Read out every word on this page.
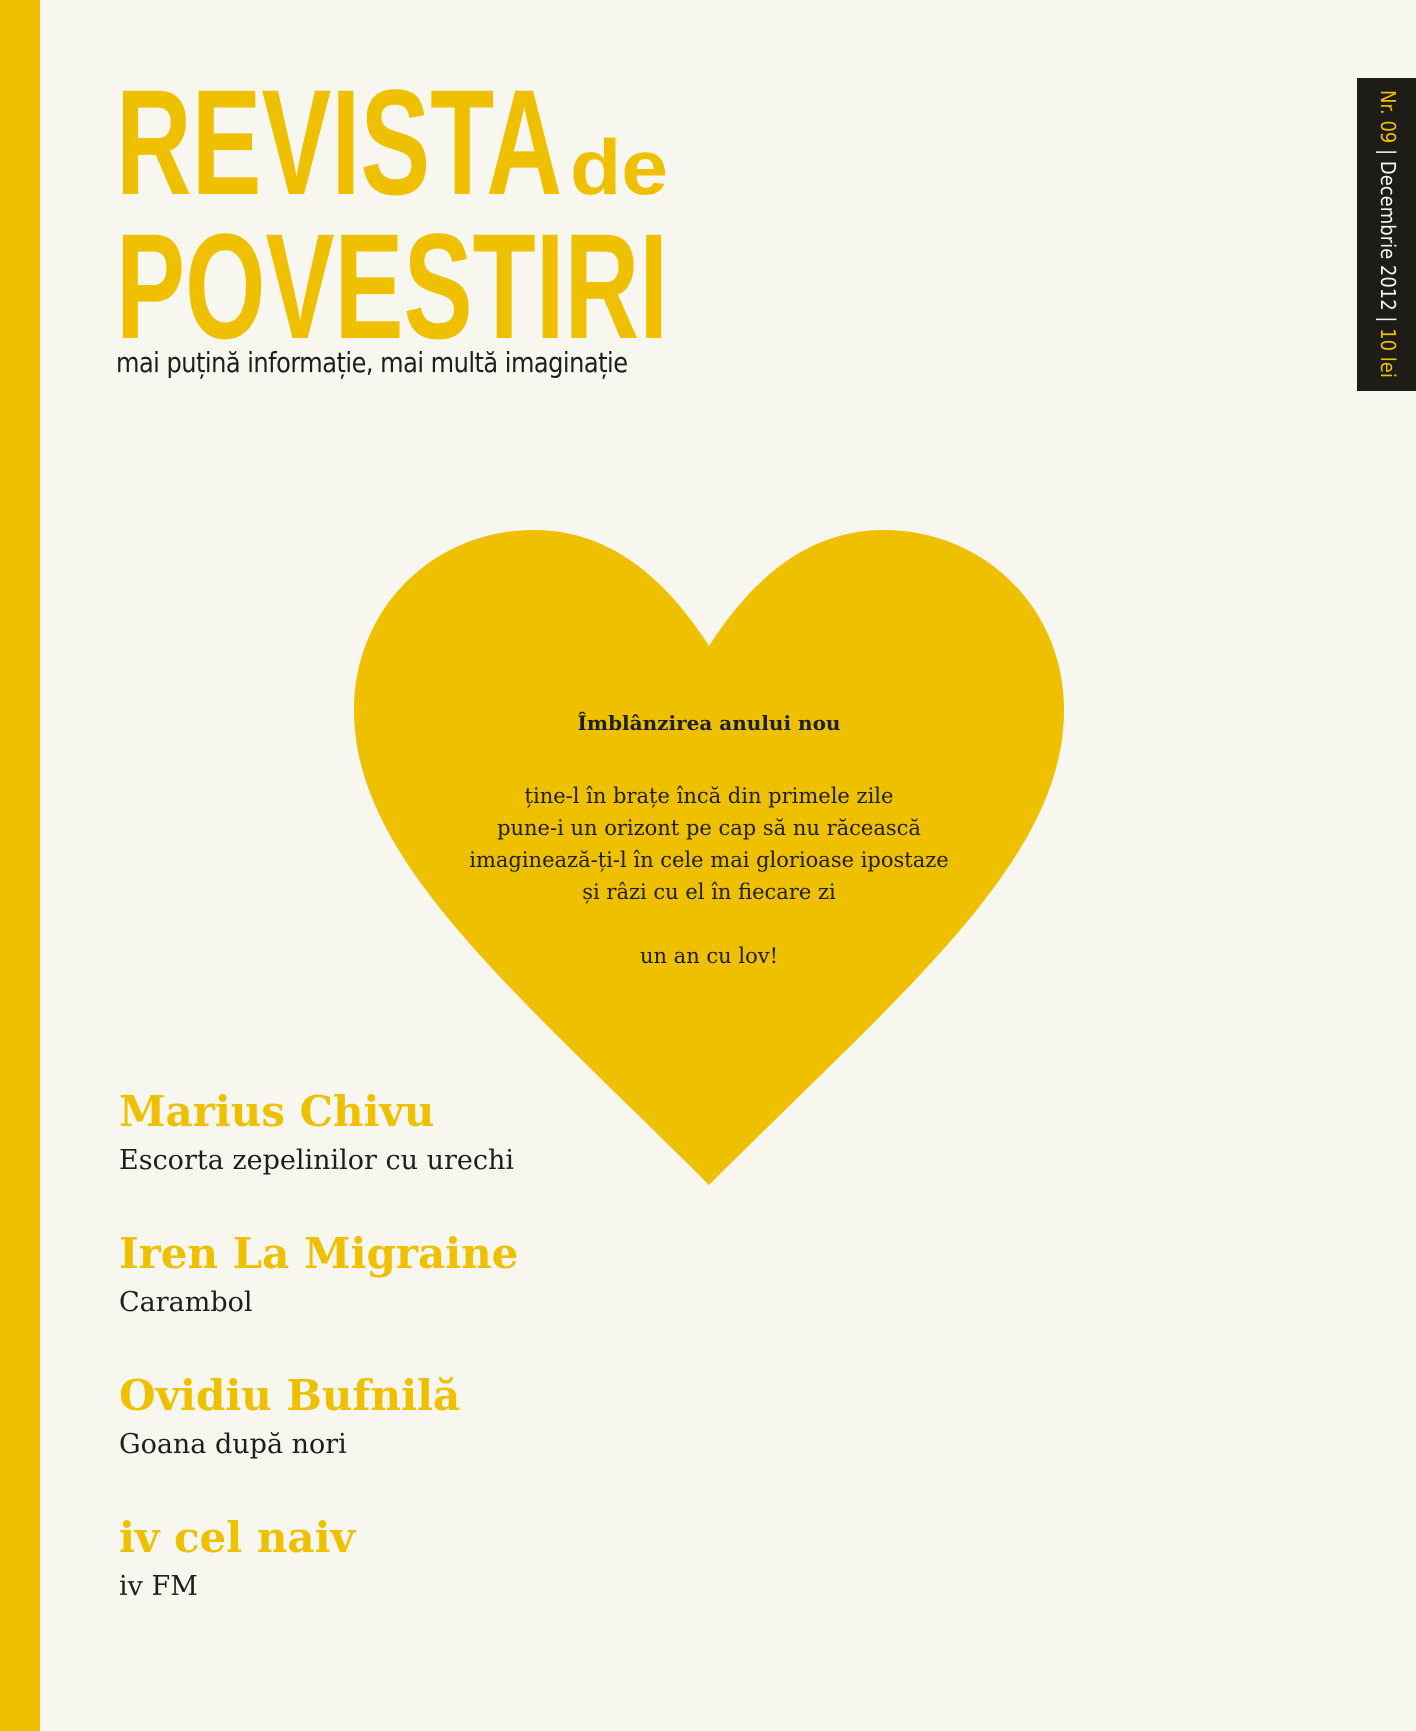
REVISTA de
POVESTIRI
mai puțină informație, mai multă imaginație
Nr. 09 | Decembrie 2012 | 10 lei
Îmblânzirea anului nou
ține-l în brațe încă din primele zile
pune-i un orizont pe cap să nu răcească
imaginează-ți-l în cele mai glorioase ipostaze
și râzi cu el în fiecare zi
un an cu lov!
Marius Chivu
Escorta zepelinilor cu urechi
Iren La Migraine
Carambol
Ovidiu Bufnilă
Goana după nori
iv cel naiv
iv FM
